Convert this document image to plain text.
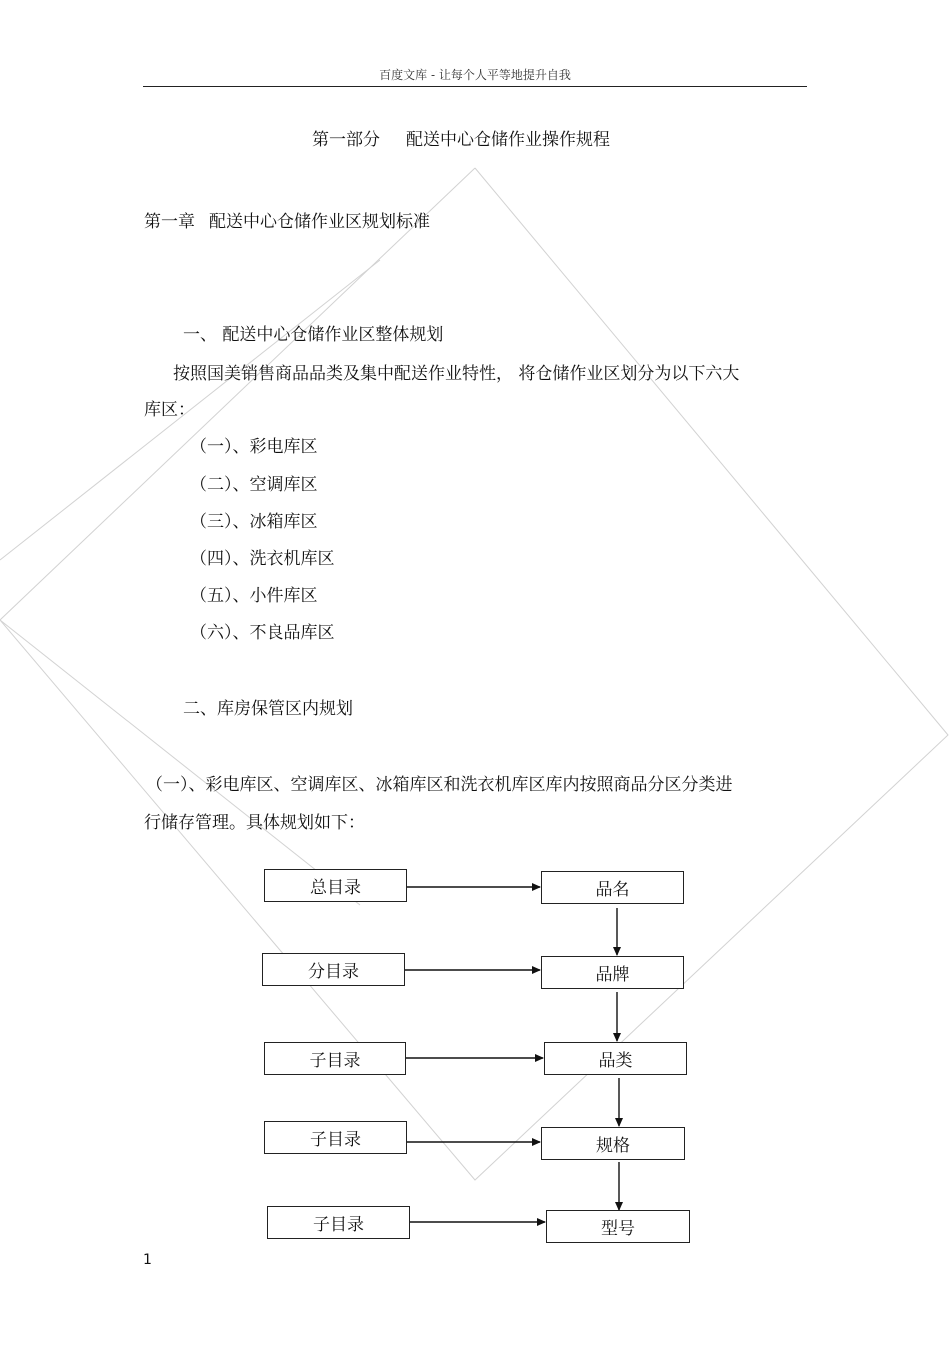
百度文库 - 让每个人平等地提升自我
第一部分 配送中心仓储作业操作规程
第一章 配送中心仓储作业区规划标准
一、 配送中心仓储作业区整体规划
按照国美销售商品品类及集中配送作业特性， 将仓储作业区划分为以下六大
库区：
（一）、彩电库区
（二）、空调库区
（三）、冰箱库区
（四）、洗衣机库区
（五）、小件库区
（六）、不良品库区
二、库房保管区内规划
（一）、彩电库区、空调库区、冰箱库区和洗衣机库区库内按照商品分区分类进
行储存管理。具体规划如下：
总目录
分目录
子目录
子目录
子目录
品名
品牌
品类
规格
型号
1
